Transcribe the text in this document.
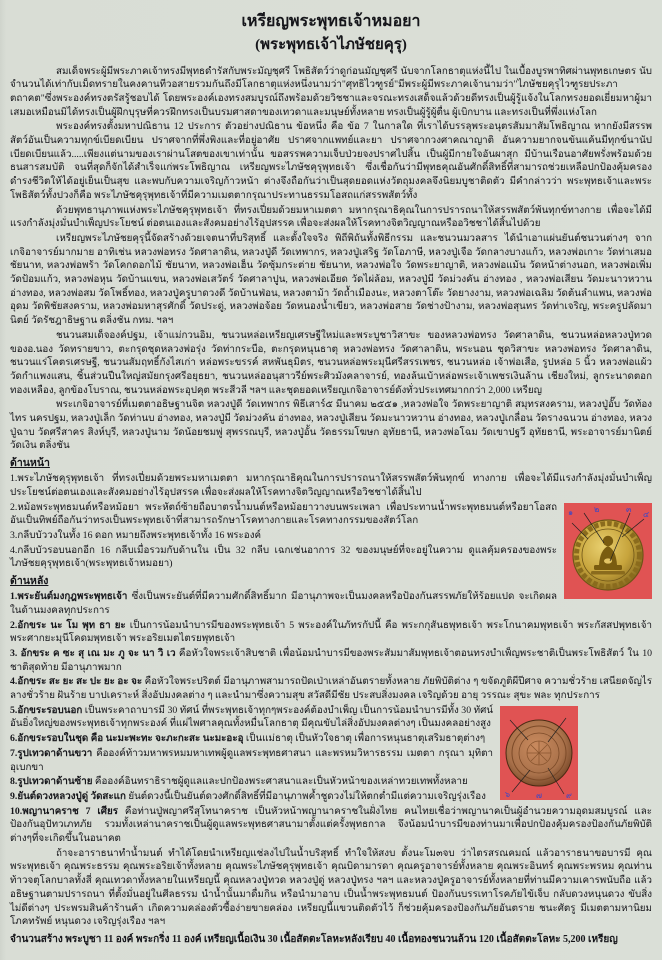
เหรียญพระพุทธเจ้าหมอยา
(พระพุทธเจ้าไภษัชยคุรุ)

สมเด็จพระผู้มีพระภาคเจ้าทรงมีพุทธดำรัสกับพระมัญชุศรี โพธิสัตว์ว่าดูก่อนมัญชุศรี นับจากโลกธาตุแห่งนี้ไป ในเบื้องบูรพาทิศผ่านพุทธเกษตร นับจำนวนได้เท่ากับเม็ดทรายในคงคานทีวอสายรวมกันถึงมีโลกธาตุแห่งหนึ่งนามว่า"ศุทธิไวฑูรย์"มีพระผู้มีพระภาคเจ้านามว่า"ไภษัชยคุรุไวฑูรยประภาตถาคต"ซึ่งพระองค์ทรงตรัสรู้ชอบได้ โดยพระองค์เองทรงสมบูรณ์ถึงพร้อมด้วยวิชชาและจรณะทรงเสด็จแล้วด้วยดีทรงเป็นผู้รู้แจ้งในโลกทรงยอดเยี่ยมหาผู้มาเสมอเหมือนมิได้ทรงเป็นผู้ฝึกบุรุษที่ควรฝึกทรงเป็นบรมศาสดาของเทวดาและมนุษย์ทั้งหลาย ทรงเป็นผู้รู้ผู้ตื่น ผู้เบิกบาน และทรงเป็นที่พึ่งแห่งโลก

พระองค์ทรงตั้งมหาปณิธาน 12 ประการ ตัวอย่างปณิธาน ข้อหนึ่ง คือ ข้อ 7 ในกาลใด ที่เราได้บรรลุพระอนุตรสัมมาสัมโพธิญาณ หากยังมีสรรพสัตว์อันเป็นความทุกข์เบียดเบียน ปราศจากที่พึ่งพิงและที่อยู่อาศัย ปราศจากแพทย์และยา ปราศจากวงศาคณาญาติ อันความยากจนข้นแค้นมีทุกข์นานัปเบียดเบียนแล้ว.....เพียงแต่นามของเราผ่านโสตของเขาเท่านั้น ขอสรรพความเจ็บป่วยจงปราศไปสิ้น เป็นผู้มีกายใจอันผาสุก มีบ้านเรือนอาศัยพรั่งพร้อมด้วยธนสารสมบัติ จนที่สุดก็จักได้สำเร็จแก่พระโพธิญาณ เหรียญพระไภษัชคุรุพุทธเจ้า ซึ่งเชื่อกันว่ามีพุทธคุณอันศักดิ์สิทธิ์ที่สามารถช่วยเหลือปกป้องคุ้มครอง ดำรงชีวิตให้ได้อยู่เย็นเป็นสุข และพบกับความเจริญก้าวหน้า ต่างจึงถือกันว่าเป็นสุดยอดแห่งวัตถุมงคลจึงนิยมบูชาติดตัว มีคำกล่าวว่า พระพุทธเจ้าและพระโพธิสัตว์ทั้งปวงก็คือ พระไภษัชคุรุพุทธเจ้าที่มีความเมตตากรุณาประทานธรรมโอสถแก่สรรพสัตว์ทั้ง

ด้วยพุทธานุภาพแห่งพระไภษัชคุรุพุทธเจ้า ที่ทรงเปี่ยมด้วยมหาเมตตา มหากรุณาธิคุณในการปรารถนาให้สรรพสัตว์พ้นทุกข์ทางกาย เพื่อจะได้มีแรงกำลังมุ่งมั่นบำเพ็ญประโยชน์ ต่อตนเองและสังคมอย่างไร้อุปสรรค เพื่อจะส่งผลให้โรคทางจิตวิญญาณหรืออวิชชาได้สิ้นไปด้วย

เหรียญพระไภษัชยคุรุนี้จัดสร้างด้วยเจตนาที่บริสุทธิ์ และตั้งใจจริง พิถีพิถันทั้งพิธีกรรม และชนวนมวลสาร ได้นำเอาแผ่นยันต์ชนวนต่างๆ จากเกจิอาจารย์มากมาย อาทิเช่น หลวงพ่อทรง วัดศาลาดิน, หลวงปู่ดี วัดเทพากร, หลวงปู่เสริฐ วัดโอภาษี, หลวงปู่เจือ วัดกลางบางแก้ว, หลวงพ่อเกาะ วัดท่าเสมอ ชัยนาท, หลวงพ่อพร้า วัดโคกดอกไม้ ชัยนาท, หลวงพ่อเฮ็น วัดซุ้มกระต่าย ชัยนาท, หลวงพ่อใจ วัดพระยาญาติ, หลวงพ่อแม้น วัดหน้าต่างนอก, หลวงพ่อเพิ่ม วัดป้อมแก้ว, หลวงพ่อหุน วัดบ้านแขน, หลวงพ่อเสวัตร์ วัดศาลาปูน, หลวงพ่อเอียด วัดไผ่ล้อม, หลวงปู่มี วัดม่วงคัน อ่างทอง , หลวงพ่อเสียน วัดมะนาวหวาน อ่างทอง, หลวงพ่อสม วัดโพธิ์ทอง, หลวงปู่ครูบาดวงดี วัดบ้านฟ่อน, หลวงตาม้า วัดถ้ำเมืองนะ, หลวงตาโต๊ะ วัดยางงาม, หลวงพ่อเฉลิม วัดต้นลำแพน, หลวงพ่ออุดม วัดพิชัยสงคราม, หลวงพ่อมหาสุรศักดิ์ วัดประดู่, หลวงพ่อจ้อย วัดหนองน้ำเขียว, หลวงพ่อสาย วัดช่างป้างาม, หลวงพ่อสุนทร วัดท่าเจริญ, พระครูปลัดมานิตย์ วัดรัชฎาธิษฐาน ตลิ่งชัน กทม. ฯลฯ

ชนวนสมเด็จองค์ปฐม, เจ้าแม่กวนอิม, ชนวนหล่อเหรียญเศรษฐีใหม่และพระบูชาวิสาขะ ของหลวงพ่อทรง วัดศาลาดิน, ชนวนหล่อหลวงปู่ทวด ของอ.นอง วัดทรายขาว, ตะกรุดชุดหลวงพ่อรุ่ง วัดท่ากระบือ, ตะกรุดหนุนธาตุ หลวงพ่อทรง วัดศาลาดิน, พระนอน ชุดวิสาขะ หลวงพ่อทรง วัดศาลาดิน, ชนวนแร่โคตรเศรษฐี, ชนวนสัมฤทธิ์กังไสเก่า หล่อพระขรรค์ สหพันธุมิตร, ชนวนหล่อพระมุนีศรีสรรเพชร, ชนวนหล่อ เจ้าพ่อเสือ, รูปหล่อ 5 นิ้ว หลวงพ่อแผ้ว วัดกำแพงแสน, ชิ้นส่วนปืนใหญ่สมัยกรุงศรีอยุธยา, ชนวนหล่ออนุสาวรีย์พระศิวมังคลาจารย์, ทองล้นเบ้าหล่อพระเจ้าเพชรเงินล้าน เชียงใหม่, ลูกระนาดตอกทองเหลือง, ลูกข้องโบราณ, ชนวนหล่อพระอุปคุต พระสีวลี ฯลฯ และชุดยอดเหรียญเกจิอาจารย์ดังทั่วประเทศมากกว่า 2,000 เหรียญ

พระเกจิอาจารย์ที่เมตตาอธิษฐานจิต หลวงปู่ดี วัดเทพากร พิธีเสาร์๕ มีนาคม ๒๕๕๑ ,หลวงพ่อใจ วัดพระยาญาติ สมุทรสงคราม, หลวงปู่อั๊บ วัดท้องไทร นครปฐม, หลวงปู่เล็ก วัดท่านบ อ่างทอง, หลวงปู่มี วัดม่วงคัน อ่างทอง, หลวงปู่เสียน วัดมะนาวหวาน อ่างทอง, หลวงปู่เกลื่อน วัดรางฉนวน อ่างทอง, หลวงปู่ฉาบ วัดศรีสาคร สิงห์บุรี, หลวงปู่นาม วัดน้อยชมพู่ สุพรรณบุรี, หลวงปู่อั้น วัดธรรมโฆษก อุทัยธานี, หลวงพ่อโฉม วัดเขาปฐวี อุทัยธานี, พระอาจารย์มานิตย์ วัดเงิน ตลิ่งชัน

ด้านหน้า

1.พระไภษัชคุรุพุทธเจ้า ที่ทรงเปี่ยมด้วยพระมหาเมตตา มหากรุณาธิคุณในการปรารถนาให้สรรพสัตว์พ้นทุกข์ ทางกาย เพื่อจะได้มีแรงกำลังมุ่งมั่นบำเพ็ญประโยชน์ต่อตนเองและสังคมอย่างไร้อุปสรรค เพื่อจะส่งผลให้โรคทางจิตวิญญาณหรือวิชชาได้สิ้นไป

๑	๒	๓
๔

2.หม้อพระพุทธมนต์หรือหม้อยา พระหัตถ์ซ้ายถือบาตรน้ำมนต์หรือหม้อยาวางบนพระเพลา เพื่อประทานน้ำพระพุทธมนต์หรือยาโอสถอันเป็นทิพย์ถือกันว่าทรงเป็นพระพุทธเจ้าที่สามารถรักษาโรคทางกายและโรคทางกรรมของสัตว์โลก

3.กลีบบัววงในทั้ง 16 ดอก หมายถึงพระพุทธเจ้าทั้ง 16 พระองค์

4.กลีบบัวรอบนอกอีก 16 กลีบเมื่อรวมกับด้านใน เป็น 32 กลีบ เฉกเช่นอาการ 32 ของมนุษย์ที่จะอยู่ในความ ดูแลคุ้มครองของพระไภษัชยคุรุพุทธเจ้า(พระพุทธเจ้าหมอยา)

ด้านหลัง

1.พระยันต์มงกุฎพระพุทธเจ้า ซึ่งเป็นพระยันต์ที่มีความศักดิ์สิทธิ์มาก มีอานุภาพจะเป็นมงคลหรือป้องกันสรรพภัยให้ร้อยแปด จะเกิดผลในด้านมงคลทุกประการ

2.อักขระ นะ โม พุท ธา ยะ เป็นการน้อมนำบารมีของพระพุทธเจ้า 5 พระองค์ในภัทรกัปนี้ คือ พระกกุสันธพุทธเจ้า พระโกนาคมพุทธเจ้า พระกัสสปพุทธเจ้า พระศากยะมุนีโคดมพุทธเจ้า พระอริยเมตไตรยพุทธเจ้า

3. อักขระ ค ซะ สุ เณ มะ ภู จะ นา วิ เว คือหัวใจพระเจ้าสิบชาติ เพื่อน้อมนำบารมีของพระสัมมาสัมพุทธเจ้าตอนทรงบำเพ็ญพระชาติเป็นพระโพธิสัตว์ ใน 10 ชาติสุดท้าย มีอานุภาพมาก

4.อักขระ สะ ยะ สะ ปะ ยะ อะ จะ คือหัวใจพระปริตต์ มีอานุภาพสามารถปัดเป่าเหล่าอันตรายทั้งหลาย ภัยพิบัติต่าง ๆ ขจัดภูติผีปีศาจ ความชั่วร้าย เสนียดจัญไร ลางชั่วร้าย ฝันร้าย บาปเคราะห์ สิ่งอัปมงคลต่าง ๆ และนำมาซึ่งความสุข สวัสดีมีชัย ประสบสิ่งมงคล เจริญด้วย อายุ วรรณะ สุขะ พละ ทุกประการ

๖	๗	๙

5.อักขระรอบนอก เป็นพระคาถาบารมี 30 ทัศน์ ที่พระพุทธเจ้าทุกๆพระองค์ต้องบำเพ็ญ เป็นการน้อมนำบารมีทั้ง 30 ทัศน์อันยิ่งใหญ่ของพระพุทธเจ้าทุกพระองค์ ที่แผ่ไพศาลคุณทั้งหมื่นโลกธาตุ มีคุณขับไล่สิ่งอัปมงคลต่างๆ เป็นมงคลอย่างสูง

6.อักขระรอบในชุด คือ นะมะพะทะ จะภะกะสะ นะมะอะอุ เป็นแม่ธาตุ เป็นหัวใจธาตุ เพื่อการหนุนธาตุเสริมธาตุต่างๆ

7.รูปเทวดาด้านขวา คือองค์ท้าวมหาพรหมมหาเทพผู้ดูแลพระพุทธศาสนา และพรหมวิหารธรรม เมตตา กรุณา มุทิตา อุเบกขา

8.รูปเทวดาด้านซ้าย คือองค์อินทราธิราชผู้ดูแลและปกป้องพระศาสนาและเป็นหัวหน้าของเหล่าทวยเทพทั้งหลาย

9.ยันต์ดวงหลวงปู่ดู่ วัดสะแก ยันต์ดวงนี้เป็นยันต์ดวงศักดิ์สิทธิ์ที่มีอานุภาพค้ำชูดวงไม่ให้ตกต่ำมีแต่ความเจริญรุ่งเรือง

10.พญานาคราช 7 เศียร คือท่านปู่พญาศรีสุโทนาคราช เป็นหัวหน้าพญานาคราชในฝั่งไทย คนไทยเชื่อว่าพญานาคเป็นผู้อำนวยความอุดมสมบูรณ์ และป้องกันอุปัทวเภทภัย รวมทั้งเหล่านาคราชเป็นผู้ดูแลพระพุทธศาสนามาตั้งแต่ครั้งพุทธกาล จึงน้อมนำบารมีของท่านมาเพื่อปกป้องคุ้มครองป้องกันภัยพิบัติ ต่างๆที่จะเกิดขึ้นในอนาคต

ถ้าจะอาราธนาทำน้ำมนต์ ทำได้โดยนำเหรียญแช่ลงไปในน้ำบริสุทธิ์ ทำใจให้สงบ ตั้งนะโม๓จบ ว่าไตรสรณคมณ์ แล้วอาราธนาขอบารมี คุณพระพุทธเจ้า คุณพระธรรม คุณพระอริยเจ้าทั้งหลาย คุณพระไภษัชคุรุพุทธเจ้า คุณบิดามารดา คุณครูอาจารย์ทั้งหลาย คุณพระอินทร์ คุณพระพรหม คุณท่านท้าวจตุโลกบาลทั้งสี่ คุณเทวดาทั้งหลายในเหรียญนี้ คุณหลวงปู่ทวด หลวงปู่ดู่ หลวงปู่ทรง ฯลฯ และหลวงปู่ครูอาจารย์ทั้งหลายที่ท่านมีความเคารพนับถือ แล้วอธิษฐานตามปรารถนา ที่ตั้งมั่นอยู่ในศีลธรรม นำน้ำนั้นมาดื่มกิน หรือนำมาอาบ เป็นน้ำพระพุทธมนต์ ป้องกันบรรเทาโรคภัยไข้เจ็บ กลับดวงหนุนดวง ขับสิ่งไม่ดีต่างๆ ประพรมสินค้าร้านค้า เกิดความคล่องตัวซื้อง่ายขายคล่อง เหรียญนี้แขวนติดตัวไว้ ก็ช่วยคุ้มครองป้องกันภัยอันตราย ชนะศัตรู มีเมตตามหานิยม โภคทรัพย์ หนุนดวง เจริญรุ่งเรือง ฯลฯ

จำนวนสร้าง พระบูชา 11 องค์ พระกริ่ง 11 องค์ เหรียญเนื้อเงิน 30 เนื้อสัตตะโลหะหลังเรียบ 40 เนื้อทองชนวนล้วน 120 เนื้อสัตตะโลหะ 5,200 เหรียญ
